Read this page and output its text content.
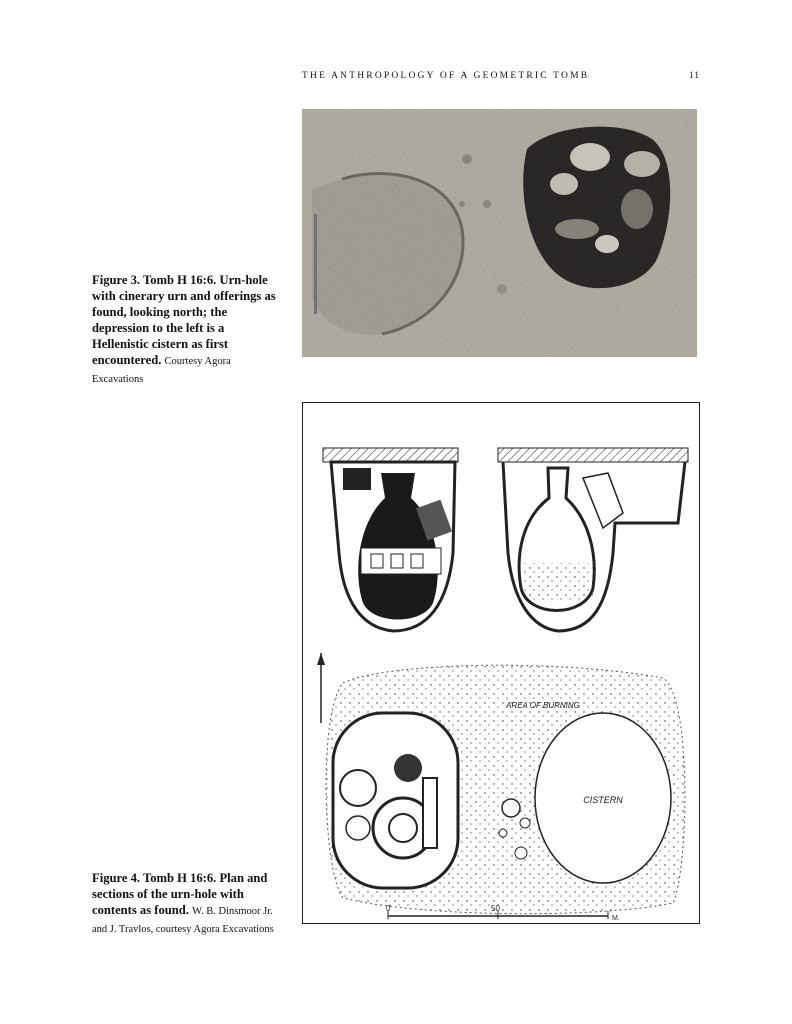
THE ANTHROPOLOGY OF A GEOMETRIC TOMB	11
Figure 3. Tomb H 16:6. Urn-hole with cinerary urn and offerings as found, looking north; the depression to the left is a Hellenistic cistern as first encountered. Courtesy Agora Excavations
AREA OF BURNING
CISTERN
0	50
M.
Figure 4. Tomb H 16:6. Plan and sections of the urn-hole with contents as found. W. B. Dinsmoor Jr. and J. Travlos, courtesy Agora Excavations
